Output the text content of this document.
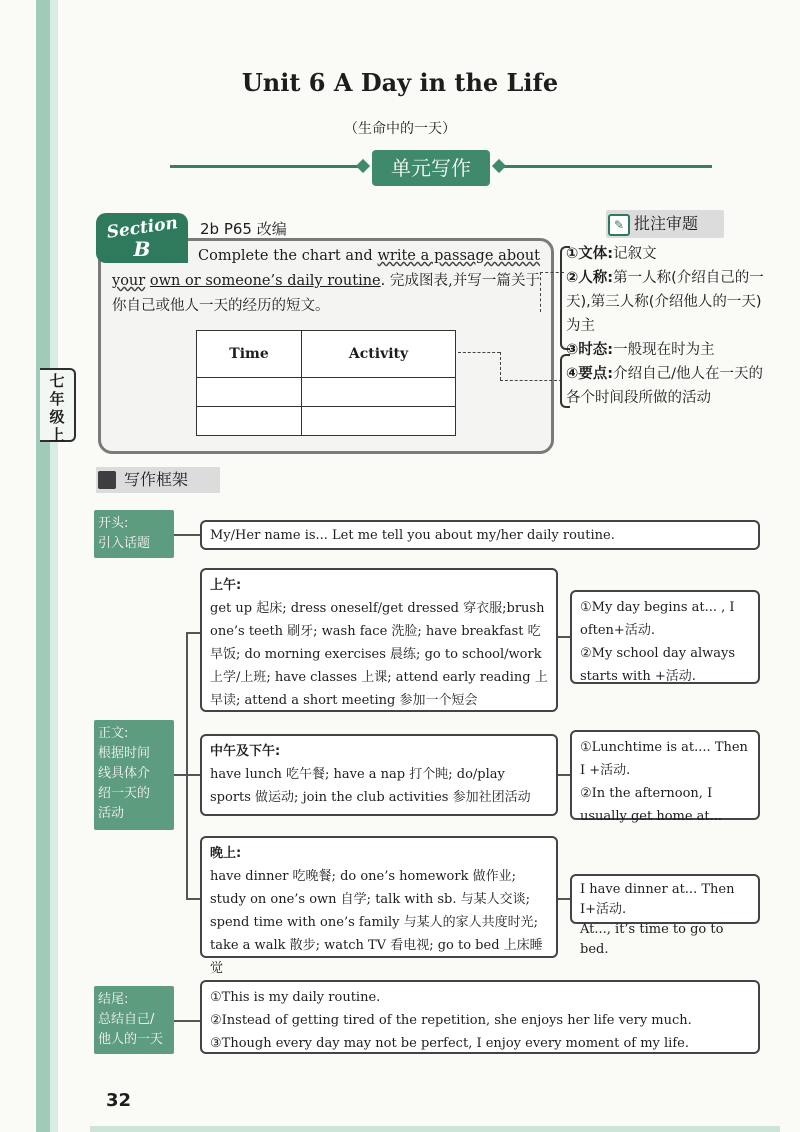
七年级上
Unit 6 A Day in the Life
（生命中的一天）
单元写作
Section
B
2b P65 改编
Complete the chart and write a passage about your own or someone’s daily routine. 完成图表,并写一篇关于你自己或他人一天的经历的短文。
Time	Activity

批注审题
✎
①文体:记叙文
②人称:第一人称(介绍自己的一天),第三人称(介绍他人的一天)为主
③时态:一般现在时为主
④要点:介绍自己/他人在一天的各个时间段所做的活动
写作框架
开头:
引入话题
My/Her name is... Let me tell you about my/her daily routine.
正文:
根据时间
线具体介
绍一天的
活动
上午:
get up 起床; dress oneself/get dressed 穿衣服;brush one’s teeth 刷牙; wash face 洗脸; have breakfast 吃早饭; do morning exercises 晨练; go to school/work 上学/上班; have classes 上课; attend early reading 上早读; attend a short meeting 参加一个短会
①My day begins at... , I often+活动.
②My school day always starts with +活动.
中午及下午:
have lunch 吃午餐; have a nap 打个盹; do/play sports 做运动; join the club activities 参加社团活动
①Lunchtime is at.... Then I +活动.
②In the afternoon, I usually get home at...
晚上:
have dinner 吃晚餐; do one’s homework 做作业; study on one’s own 自学; talk with sb. 与某人交谈; spend time with one’s family 与某人的家人共度时光; take a walk 散步; watch TV 看电视; go to bed 上床睡觉
I have dinner at... Then I+活动.
At..., it’s time to go to bed.
结尾:
总结自己/
他人的一天
①This is my daily routine.
②Instead of getting tired of the repetition, she enjoys her life very much.
③Though every day may not be perfect, I enjoy every moment of my life.
32
